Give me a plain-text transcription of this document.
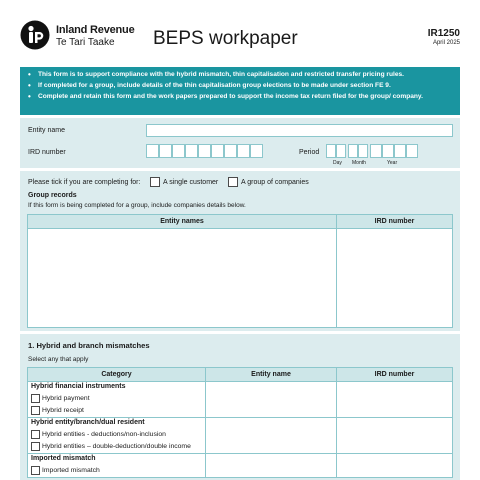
Inland Revenue
Te Tari Taake BEPS workpaper	IR1250
April 2025
• This form is to support compliance with the hybrid mismatch, thin capitalisation and restricted transfer pricing rules.
• If completed for a group, include details of the thin capitalisation group elections to be made under section FE 9.
• Complete and retain this form and the work papers prepared to support the income tax return filed for the group/ company.
Entity name
IRD number	Period
Day Month	Year
Please tick if you are completing for:	A single customer	A group of companies
Group records
If this form is being completed for a group, include companies details below.
Entity names	IRD number

1. Hybrid and branch mismatches
Select any that apply
Category	Entity name	IRD number

Hybrid financial instruments
Hybrid payment
Hybrid receipt		

Hybrid entity/branch/dual resident
Hybrid entities - deductions/non-inclusion
Hybrid entities – double-deduction/double income		

Imported mismatch
Imported mismatch		
